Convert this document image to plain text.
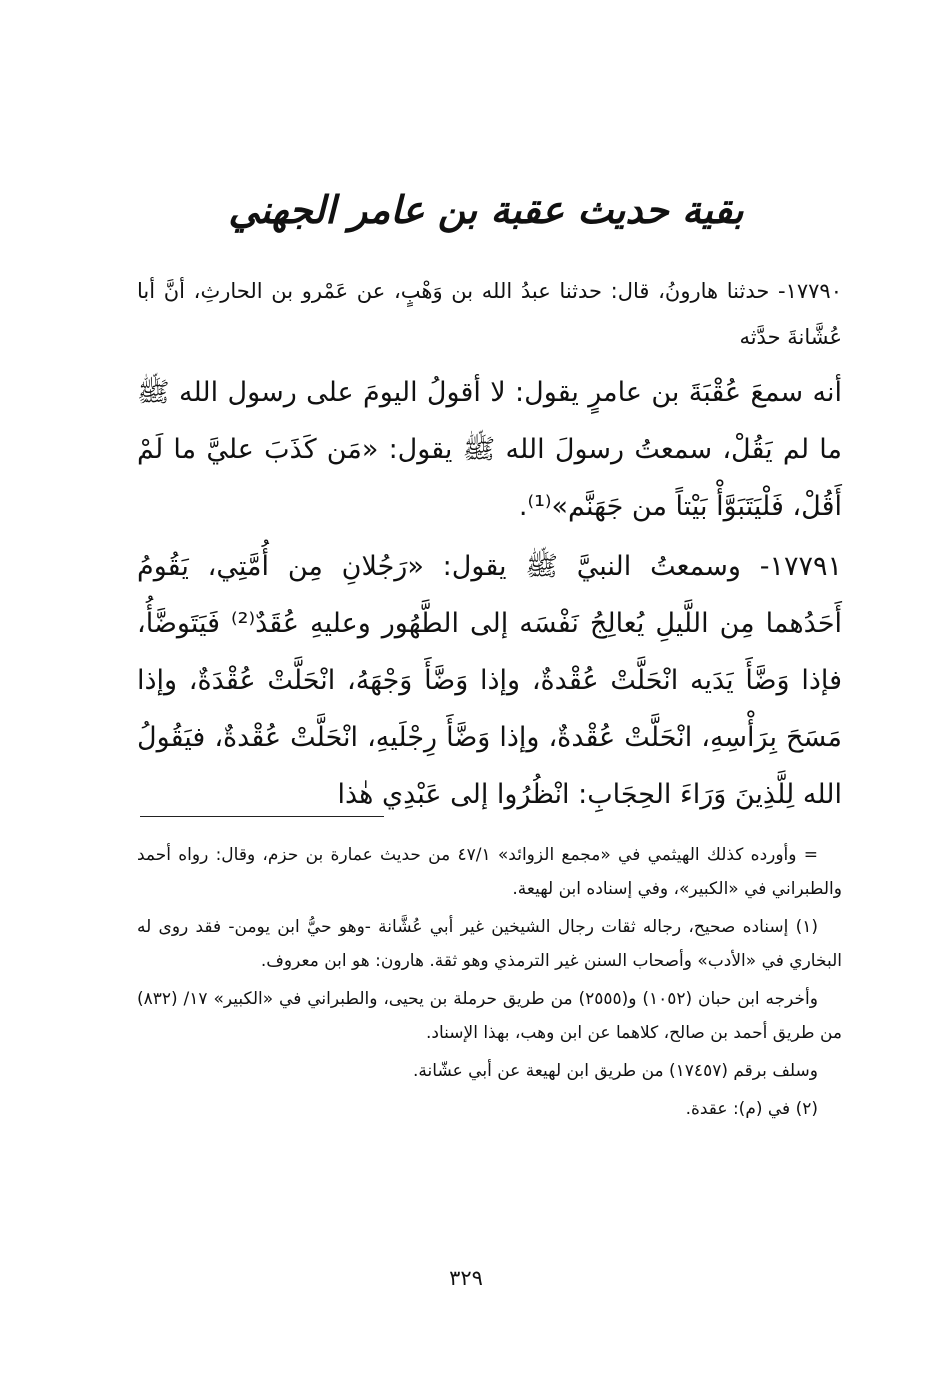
بقية حديث عقبة بن عامر الجهني
١٧٧٩٠- حدثنا هارونُ، قال: حدثنا عبدُ الله بن وَهْبٍ، عن عَمْرو بن الحارثِ، أنَّ أبا عُشَّانةَ حدَّثه
أنه سمعَ عُقْبَةَ بن عامرٍ يقول: لا أقولُ اليومَ على رسول الله ﷺ ما لم يَقُلْ، سمعتُ رسولَ الله ﷺ يقول: «مَن كَذَبَ عليَّ ما لَمْ أَقُلْ، فَلْيَتَبَوَّأْ بَيْتاً من جَهَنَّم»⁽¹⁾.
١٧٧٩١- وسمعتُ النبيَّ ﷺ يقول: «رَجُلانِ مِن أُمَّتِي، يَقُومُ أَحَدُهما مِن اللَّيلِ يُعالِجُ نَفْسَه إلى الطَّهُور وعليهِ عُقَدٌ⁽²⁾ فَيَتَوضَّأُ، فإذا وَضَّأَ يَدَيه انْحَلَّتْ عُقْدةٌ، وإذا وَضَّأَ وَجْهَهُ، انْحَلَّتْ عُقْدَةٌ، وإذا مَسَحَ بِرَأْسِهِ، انْحَلَّتْ عُقْدةٌ، وإذا وَضَّأَ رِجْلَيهِ، انْحَلَّتْ عُقْدةٌ، فيَقُولُ الله لِلَّذِينَ وَرَاءَ الحِجَابِ: انْظُرُوا إلى عَبْدِي هٰذا

= وأورده كذلك الهيثمي في «مجمع الزوائد» ٤٧/١ من حديث عمارة بن حزم، وقال: رواه أحمد والطبراني في «الكبير»، وفي إسناده ابن لهيعة.

(١) إسناده صحيح، رجاله ثقات رجال الشيخين غير أبي عُشَّانة -وهو حيُّ ابن يومن- فقد روى له البخاري في «الأدب» وأصحاب السنن غير الترمذي وهو ثقة. هارون: هو ابن معروف.

وأخرجه ابن حبان (١٠٥٢) و(٢٥٥٥) من طريق حرملة بن يحيى، والطبراني في «الكبير» ١٧/ (٨٣٢) من طريق أحمد بن صالح، كلاهما عن ابن وهب، بهذا الإسناد.

وسلف برقم (١٧٤٥٧) من طريق ابن لهيعة عن أبي عشّانة.

(٢) في (م): عقدة.

٣٢٩
